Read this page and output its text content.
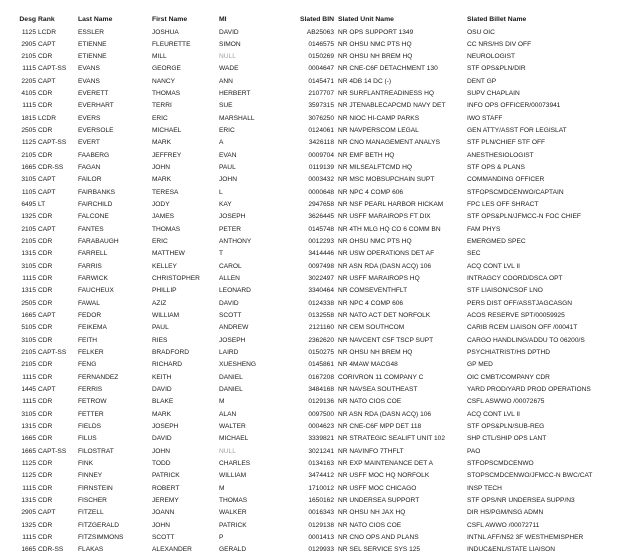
Desg Rank	Last Name	First Name	MI	Slated BIN Slated Unit Name	Slated Billet Name
1125 LCDR	ESSLER	JOSHUA	DAVID	AB25063 NR OPS SUPPORT 1349	OSU OIC
2905 CAPT	ETIENNE	FLEURETTE	SIMON	0146575 NR OHSU NMC PTS HQ	CC NRS/HS DIV OFF
2105 CDR	ETIENNE	MILL	NULL	0150269 NR OHSU NH BREM HQ	NEUROLOGIST
1115 CAPT-SS	EVANS	GEORGE	WADE	0004647 NR CNE-C6F DETACHMENT 130	STF OPS&PLN/DIR
2205 CAPT	EVANS	NANCY	ANN	0145471 NR 4DB 14 DC (-)	DENT GP
4105 CDR	EVERETT	THOMAS	HERBERT	2107707 NR SURFLANTREADINESS HQ	SUPV CHAPLAIN
1115 CDR	EVERHART	TERRI	SUE	3597315 NR JTENABLECAPCMD NAVY DET	INFO OPS OFFICER/00073941
1815 LCDR	EVERS	ERIC	MARSHALL	3076250 NR NIOC HI-CAMP PARKS	IWO STAFF
2505 CDR	EVERSOLE	MICHAEL	ERIC	0124061 NR NAVPERSCOM LEGAL	GEN ATTY/ASST FOR LEGISLAT
1125 CAPT-SS	EVERT	MARK	A	3426118 NR CNO MANAGEMENT ANALYS	STF PLN/CHIEF STF OFF
2105 CDR	FAABERG	JEFFREY	EVAN	0009704 NR EMF BETH HQ	ANESTHESIOLOGIST
1665 CDR-SS	FAGAN	JOHN	PAUL	0119139 NR MILSEALFTCMD HQ	STF OPS & PLANS
3105 CAPT	FAILOR	MARK	JOHN	0003432 NR MSC MOBSUPCHAIN SUPT	COMMANDING OFFICER
1105 CAPT	FAIRBANKS	TERESA	L	0000648 NR NPC 4 COMP 606	STFOPSCMDCENWO/CAPTAIN
6495 LT	FAIRCHILD	JODY	KAY	2947658 NR NSF PEARL HARBOR HICKAM	FPC LES OFF SHRACT
1325 CDR	FALCONE	JAMES	JOSEPH	3626445 NR USFF MARAIROPS FT DIX	STF OPS&PLN/JFMCC-N FOC CHIEF
2105 CAPT	FANTES	THOMAS	PETER	0145748 NR 4TH MLG HQ CO 6 COMM BN	FAM PHYS
2105 CDR	FARABAUGH	ERIC	ANTHONY	0012293 NR OHSU NMC PTS HQ	EMERGMED SPEC
1315 CDR	FARRELL	MATTHEW	T	3414446 NR USW OPERATIONS DET AF	SEC
3105 CDR	FARRIS	KELLEY	CAROL	0097498 NR ASN RDA (DASN ACQ) 106	ACQ CONT LVL II
1115 CDR	FARWICK	CHRISTOPHER	ALLEN	3022497 NR USFF MARAIROPS HQ	INTRAGCY COORD/DSCA OPT
1315 CDR	FAUCHEUX	PHILLIP	LEONARD	3340464 NR COMSEVENTHFLT	STF LIAISON/CSOF LNO
2505 CDR	FAWAL	AZIZ	DAVID	0124338 NR NPC 4 COMP 606	PERS DIST OFF/ASSTJAGCASGN
1665 CAPT	FEDOR	WILLIAM	SCOTT	0132558 NR NATO ACT DET NORFOLK	ACOS RESERVE SPT/00059925
5105 CDR	FEIKEMA	PAUL	ANDREW	2121160 NR CEM SOUTHCOM	CARIB RCEM LIAISON OFF /00041T
3105 CDR	FEITH	RIES	JOSEPH	2362620 NR NAVCENT C5F TSCP SUPT	CARGO HANDLING/ADDU TO 06200/S
2105 CAPT-SS	FELKER	BRADFORD	LAIRD	0150275 NR OHSU NH BREM HQ	PSYCHIATRIST/HS DPTHD
2105 CDR	FENG	RICHARD	XUESHENG	0145861 NR 4MAW MACG48	GP MED
1115 CDR	FERNANDEZ	KEITH	DANIEL	0167208 CORIVRON 11 COMPANY C	OIC CMBT/COMPANY CDR
1445 CAPT	FERRIS	DAVID	DANIEL	3484168 NR NAVSEA SOUTHEAST	YARD PROD/YARD PROD OPERATIONS
1115 CDR	FETROW	BLAKE	M	0129136 NR NATO CIOS COE	CSFL ASWWO /00072675
3105 CDR	FETTER	MARK	ALAN	0097500 NR ASN RDA (DASN ACQ) 106	ACQ CONT LVL II
1315 CDR	FIELDS	JOSEPH	WALTER	0004623 NR CNE-C6F MPP DET 118	STF OPS&PLN/SUB-REG
1665 CDR	FILUS	DAVID	MICHAEL	3339821 NR STRATEGIC SEALIFT UNIT 102	SHP CTL/SHIP OPS LANT
1665 CAPT-SS	FILOSTRAT	JOHN	NULL	3021241 NR NAVINFO 7THFLT	PAO
1125 CDR	FINK	TODD	CHARLES	0134163 NR EXP MAINTENANCE DET A	STFOPSCMDCENWO
1125 CDR	FINNEY	PATRICK	WILLIAM	3474412 NR USFF MOC HQ NORFOLK	STOPSCMDCENWO/JFMCC-N BWC/CAT
1115 CDR	FIRNSTEIN	ROBERT	M	1710012 NR USFF MOC CHICAGO	INSP TECH
1315 CDR	FISCHER	JEREMY	THOMAS	1650162 NR UNDERSEA SUPPORT	STF OPS/NR UNDERSEA SUPP/N3
2905 CAPT	FITZELL	JOANN	WALKER	0016343 NR OHSU NH JAX HQ	DIR HS/PGM/NSG ADMN
1325 CDR	FITZGERALD	JOHN	PATRICK	0129138 NR NATO CIOS COE	CSFL AWWO /00072711
1115 CDR	FITZSIMMONS	SCOTT	P	0001413 NR CNO OPS AND PLANS	INTNL AFF/N52 3F WESTHEMISPHER
1665 CDR-SS	FLAKAS	ALEXANDER	GERALD	0129933 NR SEL SERVICE SYS 125	INDUC&ENL/STATE LIAISON
